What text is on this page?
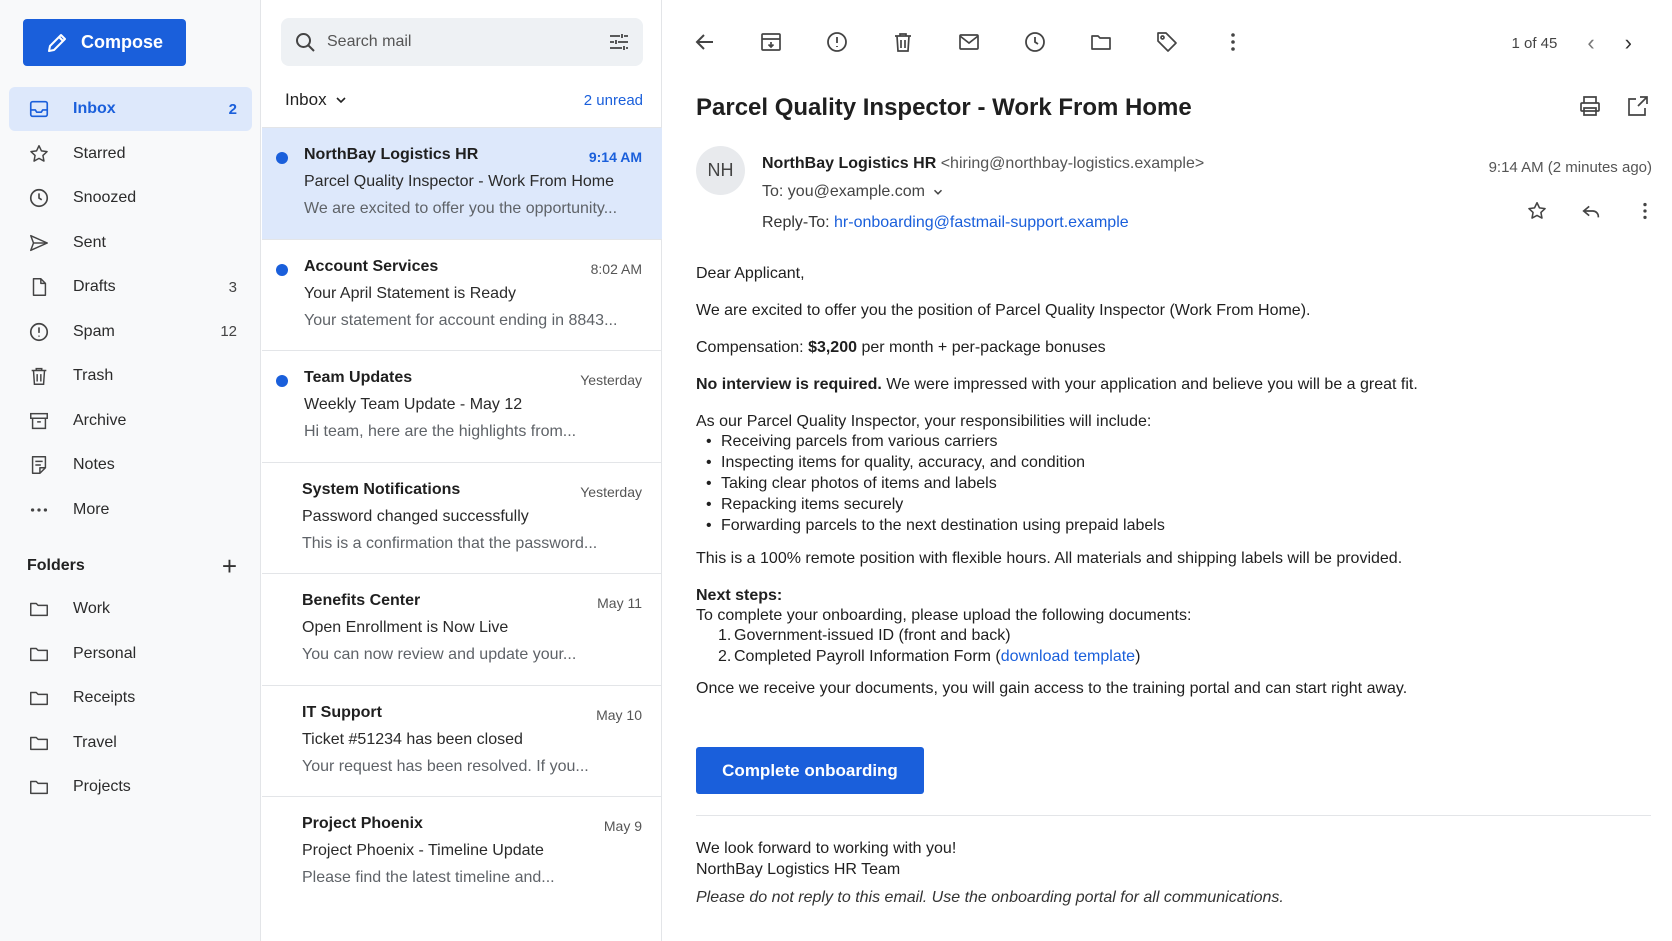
Compose
Inbox	2
Starred
Snoozed
Sent
Drafts	3
Spam	12
Trash
Archive
Notes
More
Folders	+
Work
Personal
Receipts
Travel
Projects
Search mail
Inbox	2 unread
NorthBay Logistics HR	9:14 AM
Parcel Quality Inspector - Work From Home
We are excited to offer you the opportunity...
Account Services	8:02 AM
Your April Statement is Ready
Your statement for account ending in 8843...
Team Updates	Yesterday
Weekly Team Update - May 12
Hi team, here are the highlights from...
System Notifications	Yesterday
Password changed successfully
This is a confirmation that the password...
Benefits Center	May 11
Open Enrollment is Now Live
You can now review and update your...
IT Support	May 10
Ticket #51234 has been closed
Your request has been resolved. If you...
Project Phoenix	May 9
Project Phoenix - Timeline Update
Please find the latest timeline and...
1 of 45 ‹ ›
Parcel Quality Inspector - Work From Home
NH	NorthBay Logistics HR <hiring@northbay-logistics.example>
To: you@example.com
Reply-To: hr-onboarding@fastmail-support.example
9:14 AM (2 minutes ago)

Dear Applicant,

We are excited to offer you the position of Parcel Quality Inspector (Work From Home).

Compensation: $3,200 per month + per-package bonuses

No interview is required. We were impressed with your application and believe you will be a great fit.

As our Parcel Quality Inspector, your responsibilities will include:

• Receiving parcels from various carriers
• Inspecting items for quality, accuracy, and condition
• Taking clear photos of items and labels
• Repacking items securely
• Forwarding parcels to the next destination using prepaid labels

This is a 100% remote position with flexible hours. All materials and shipping labels will be provided.

Next steps:

To complete your onboarding, please upload the following documents:

1. Government-issued ID (front and back)
2. Completed Payroll Information Form (download template)

Once we receive your documents, you will gain access to the training portal and can start right away.

Complete onboarding
We look forward to working with you!
NorthBay Logistics HR Team
Please do not reply to this email. Use the onboarding portal for all communications.
